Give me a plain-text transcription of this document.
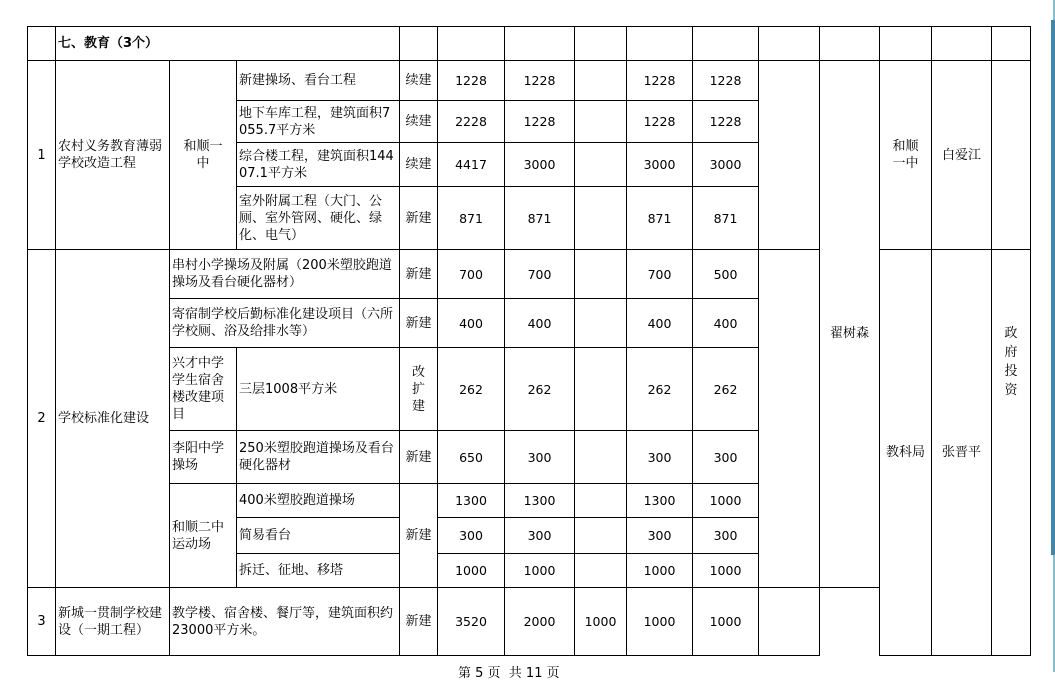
	七、教育（3个）													
1	农村义务教育薄弱学校改造工程	和顺一中	新建操场、看台工程	续建	1228	1228		1228	1228		翟树森	和顺一中	白爱江	
			地下车库工程，建筑面积7055.7平方米	续建	2228	1228		1228	1228					
			综合楼工程，建筑面积14407.1平方米	续建	4417	3000		3000	3000					
			室外附属工程（大门、公厕、室外管网、硬化、绿化、电气）	新建	871	871		871	871					
2	学校标准化建设	串村小学操场及附属（200米塑胶跑道操场及看台硬化器材）		新建	700	700		700	500			教科局	张晋平	政府投资
		寄宿制学校后勤标准化建设项目（六所学校厕、浴及给排水等）		新建	400	400		400	400					
		兴才中学学生宿舍楼改建项目	三层1008平方米	改扩建	262	262		262	262					
		李阳中学操场	250米塑胶跑道操场及看台硬化器材	新建	650	300		300	300					
		和顺二中运动场	400米塑胶跑道操场	新建	1300	1300		1300	1000					
			简易看台		300	300		300	300					
			拆迁、征地、移塔		1000	1000		1000	1000					
3	新城一贯制学校建设（一期工程）	教学楼、宿舍楼、餐厅等，建筑面积约23000平方米。		新建	3520	2000	1000	1000	1000					
第 5 页  共 11 页
